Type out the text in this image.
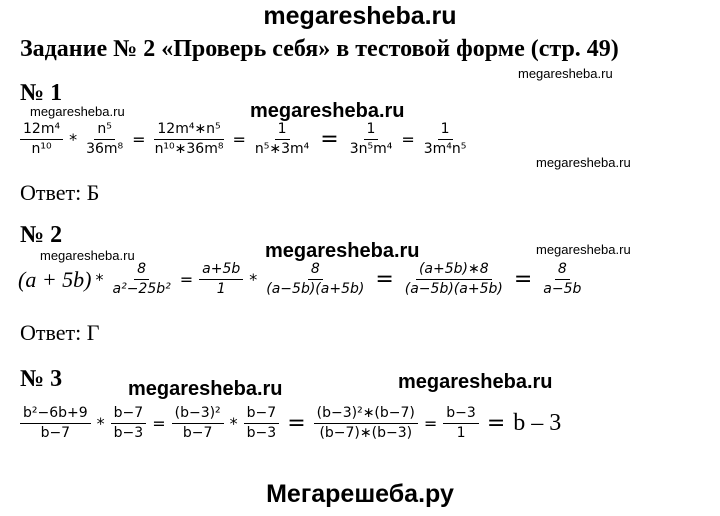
megaresheba.ru
Задание № 2 «Проверь себя» в тестовой форме (стр. 49)
megaresheba.ru
megaresheba.ru	megaresheba.ru
megaresheba.ru
megaresheba.ru	megaresheba.ru	megaresheba.ru
megaresheba.ru	megaresheba.ru
№ 1
$\frac{\text{12m⁴}}{\text{n¹⁰}} * \frac{\text{n⁵}}{\text{36m⁸}} = \frac{\text{12m⁴∗n⁵}}{\text{n¹⁰∗36m⁸}} = \frac{1}{\text{n⁵∗3m⁴}} = \frac{1}{\text{3n⁵m⁴}} = \frac{1}{\text{3m⁴n⁵}}$
Ответ: Б
№ 2
$(a + 5b) * \frac{8}{\text{a²−25b²}} = \frac{a+5b}{1} * \frac{8}{(a-5b)(a+5b)} = \frac{(a+5b)∗8}{(a-5b)(a+5b)} = \frac{8}{a-5b}$
Ответ: Г
№ 3
$\frac{\text{b²−6b+9}}{b-7} * \frac{b-7}{b-3} = \frac{\text{(b−3)²}}{b-7} * \frac{b-7}{b-3} = \frac{\text{(b−3)²∗(b−7)}}{(b-7)∗(b-3)} = \frac{b-3}{1} = b - 3$
Мегарешеба.ру
